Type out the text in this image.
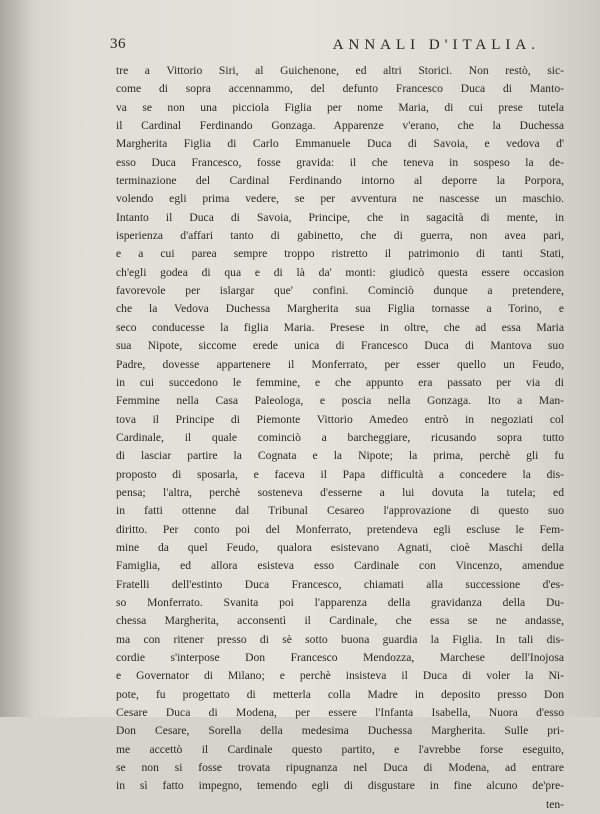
36	ANNALI D'ITALIA.
tre a Vittorio Siri, al Guichenone, ed altri Storici. Non restò, sic-
come di sopra accennammo, del defunto Francesco Duca di Manto-
va se non una picciola Figlia per nome Maria, di cui prese tutela
il Cardinal Ferdinando Gonzaga. Apparenze v'erano, che la Duchessa
Margherita Figlia di Carlo Emmanuele Duca di Savoia, e vedova d'
esso Duca Francesco, fosse gravida: il che teneva in sospeso la de-
terminazione del Cardinal Ferdinando intorno al deporre la Porpora,
volendo egli prima vedere, se per avventura ne nascesse un maschio.
Intanto il Duca di Savoia, Principe, che in sagacità di mente, in
isperienza d'affari tanto di gabinetto, che di guerra, non avea pari,
e a cui parea sempre troppo ristretto il patrimonio di tanti Stati,
ch'egli godea di qua e di là da' monti: giudicò questa essere occasion
favorevole per islargar que' confini. Cominciò dunque a pretendere,
che la Vedova Duchessa Margherita sua Figlia tornasse a Torino, e
seco conducesse la figlia Maria. Presese in oltre, che ad essa Maria
sua Nipote, siccome erede unica di Francesco Duca di Mantova suo
Padre, dovesse appartenere il Monferrato, per esser quello un Feudo,
in cui succedono le femmine, e che appunto era passato per via di
Femmine nella Casa Paleologa, e poscia nella Gonzaga. Ito a Man-
tova il Principe di Piemonte Vittorio Amedeo entrò in negoziati col
Cardinale, il quale cominciò a barcheggiare, ricusando sopra tutto
di lasciar partire la Cognata e la Nipote; la prima, perchè gli fu
proposto di sposarla, e faceva il Papa difficultà a concedere la dis-
pensa; l'altra, perchè sosteneva d'esserne a lui dovuta la tutela; ed
in fatti ottenne dal Tribunal Cesareo l'approvazione di questo suo
diritto. Per conto poi del Monferrato, pretendeva egli escluse le Fem-
mine da quel Feudo, qualora esistevano Agnati, cioè Maschi della
Famiglia, ed allora esisteva esso Cardinale con Vincenzo, amendue
Fratelli dell'estinto Duca Francesco, chiamati alla successione d'es-
so Monferrato. Svanita poi l'apparenza della gravidanza della Du-
chessa Margherita, acconsentì il Cardinale, che essa se ne andasse,
ma con ritener presso di sè sotto buona guardia la Figlia. In tali dis-
cordie s'interpose Don Francesco Mendozza, Marchese dell'Inojosa
e Governator di Milano; e perchè insisteva il Duca di voler la Ni-
pote, fu progettato di metterla colla Madre in deposito presso Don
Cesare Duca di Modena, per essere l'Infanta Isabella, Nuora d'esso
Don Cesare, Sorella della medesima Duchessa Margherita. Sulle pri-
me accettò il Cardinale questo partito, e l'avrebbe forse eseguito,
se non si fosse trovata ripugnanza nel Duca di Modena, ad entrare
in sì fatto impegno, temendo egli di disgustare in fine alcuno de'pre-
ten-
